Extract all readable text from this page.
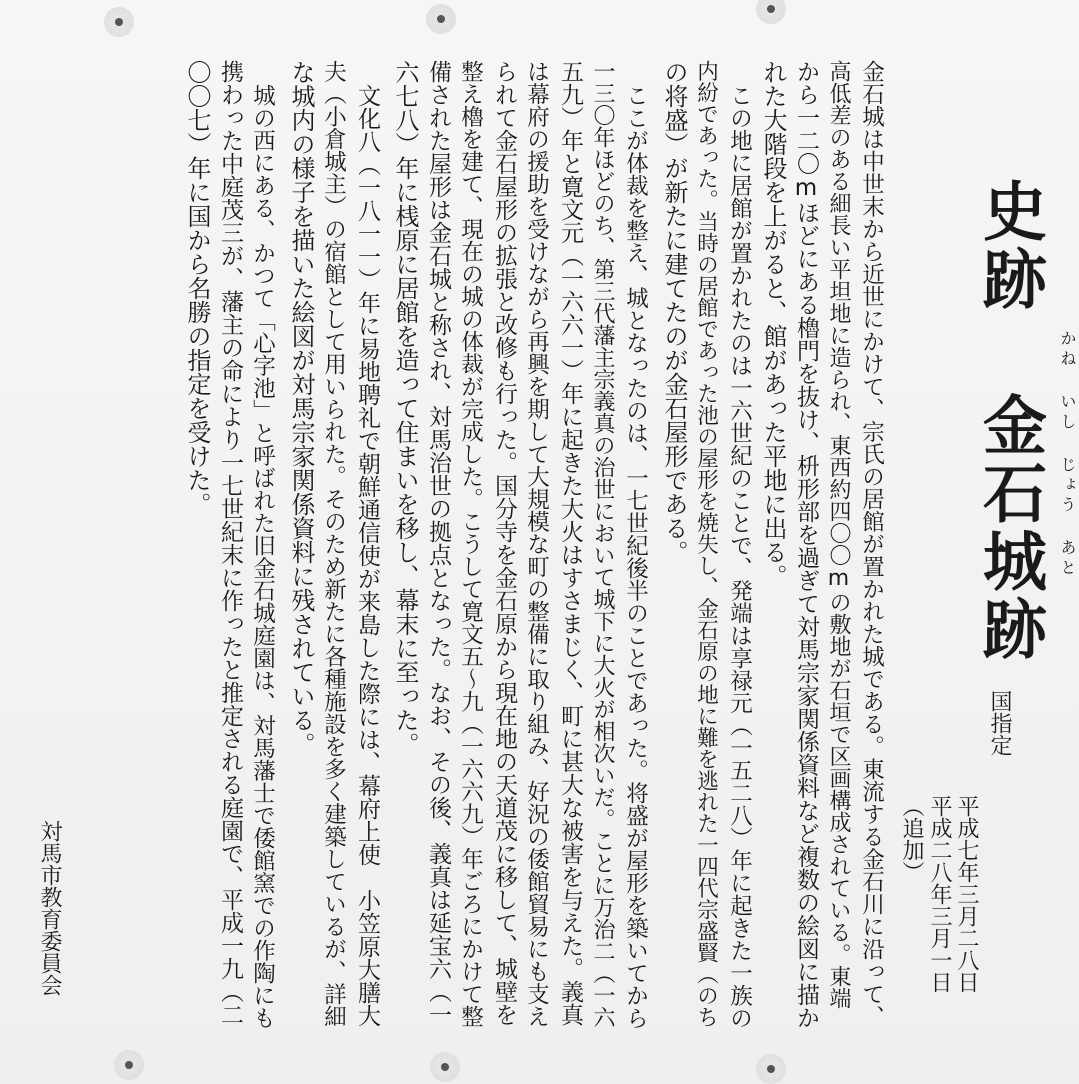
史跡 金石城跡 かね いし じょう あと
国指定
平成七年三月二八日
平成二八年三月一日
（追加）
金石城は中世末から近世にかけて、宗氏の居館が置かれた城である。東流する金石川に沿って、
高低差のある細長い平坦地に造られ、東西約四〇〇mの敷地が石垣で区画構成されている。東端
から一二〇mほどにある櫓門を抜け、枡形部を過ぎて対馬宗家関係資料など複数の絵図に描か
れた大階段を上がると、館があった平地に出る。
この地に居館が置かれたのは一六世紀のことで、発端は享禄元（一五二八）年に起きた一族の
内紛であった。当時の居館であった池の屋形を焼失し、金石原の地に難を逃れた一四代宗盛賢（のち
の将盛）が新たに建てたのが金石屋形である。
ここが体裁を整え、城となったのは、一七世紀後半のことであった。将盛が屋形を築いてから
一三〇年ほどのち、第三代藩主宗義真の治世において城下に大火が相次いだ。ことに万治二（一六
五九）年と寛文元（一六六一）年に起きた大火はすさまじく、町に甚大な被害を与えた。義真
は幕府の援助を受けながら再興を期して大規模な町の整備に取り組み、好況の倭館貿易にも支え
られて金石屋形の拡張と改修も行った。国分寺を金石原から現在地の天道茂に移して、城壁を
整え櫓を建て、現在の城の体裁が完成した。こうして寛文五～九（一六六九）年ごろにかけて整
備された屋形は金石城と称され、対馬治世の拠点となった。なお、その後、義真は延宝六（一
六七八）年に桟原に居館を造って住まいを移し、幕末に至った。
文化八（一八一一）年に易地聘礼で朝鮮通信使が来島した際には、幕府上使　小笠原大膳大
夫（小倉城主）の宿館として用いられた。そのため新たに各種施設を多く建築しているが、詳細
な城内の様子を描いた絵図が対馬宗家関係資料に残されている。
城の西にある、かつて「心字池」と呼ばれた旧金石城庭園は、対馬藩士で倭館窯での作陶にも
携わった中庭茂三が、藩主の命により一七世紀末に作ったと推定される庭園で、平成一九（二
〇〇七）年に国から名勝の指定を受けた。
対馬市教育委員会
